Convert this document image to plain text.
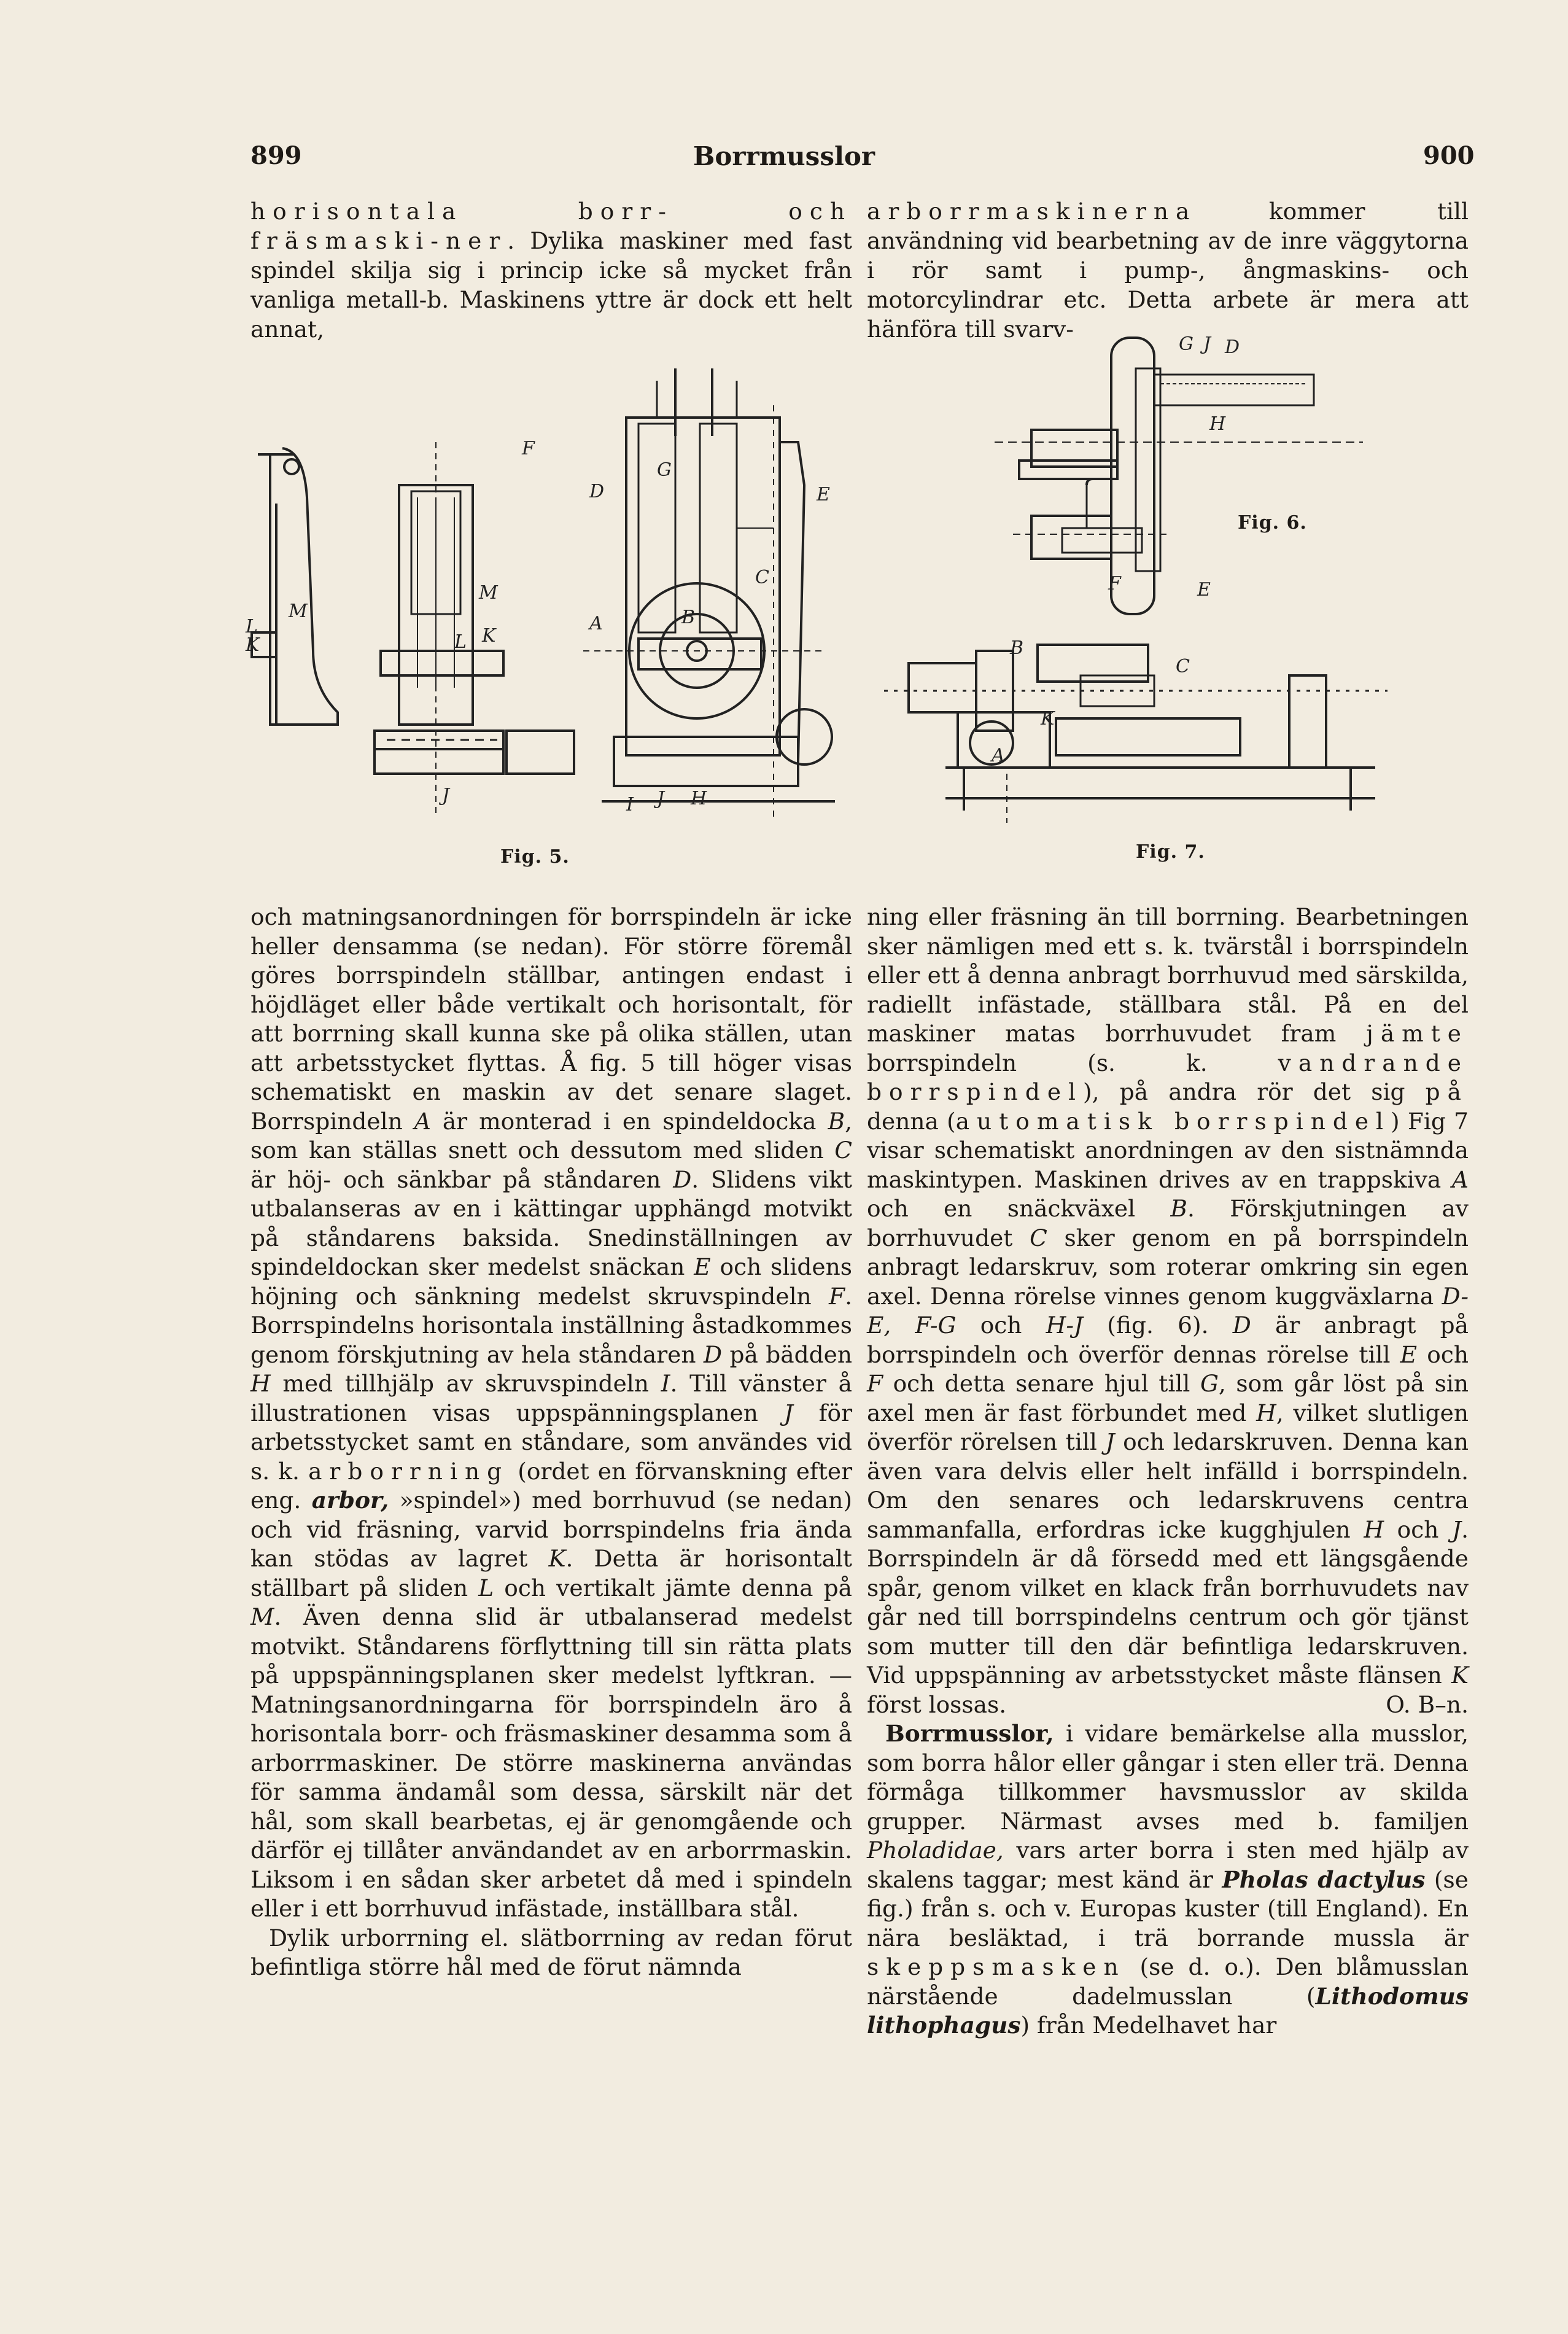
899	Borrmusslor	900

horisontala borr- och fräsmaski-ner. Dylika maskiner med fast spindel skilja sig i princip icke så mycket från vanliga metall-b. Maskinens yttre är dock ett helt annat,

arborrmaskinerna kommer till användning vid bearbetning av de inre väggytorna i rör samt i pump-, ångmaskins- och motorcylindrar etc. Detta arbete är mera att hänföra till svarv-

F
G
D	E
C
B
A
M
M
L
K	L K
J	J H
I
Fig. 5.
G J D
H
F	E
Fig. 6.
B
C
K
A
Fig. 7.

och matningsanordningen för borrspindeln är icke heller densamma (se nedan). För större föremål göres borrspindeln ställbar, antingen endast i höjdläget eller både vertikalt och horisontalt, för att borrning skall kunna ske på olika ställen, utan att arbetsstycket flyttas. Å fig. 5 till höger visas schematiskt en maskin av det senare slaget. Borrspindeln A är monterad i en spindeldocka B, som kan ställas snett och dessutom med sliden C är höj- och sänkbar på ståndaren D. Slidens vikt utbalanseras av en i kättingar upphängd motvikt på ståndarens baksida. Snedinställningen av spindeldockan sker medelst snäckan E och slidens höjning och sänkning medelst skruvspindeln F. Borrspindelns horisontala inställning åstadkommes genom förskjutning av hela ståndaren D på bädden H med tillhjälp av skruvspindeln I. Till vänster å illustrationen visas uppspänningsplanen J för arbetsstycket samt en ståndare, som användes vid s. k. arborrning (ordet en förvanskning efter eng. arbor, »spindel») med borrhuvud (se nedan) och vid fräsning, varvid borrspindelns fria ända kan stödas av lagret K. Detta är horisontalt ställbart på sliden L och vertikalt jämte denna på M. Även denna slid är utbalanserad medelst motvikt. Ståndarens förflyttning till sin rätta plats på uppspänningsplanen sker medelst lyftkran. — Matningsanordningarna för borrspindeln äro å horisontala borr- och fräsmaskiner desamma som å arborrmaskiner. De större maskinerna användas för samma ändamål som dessa, särskilt när det hål, som skall bearbetas, ej är genomgående och därför ej tillåter användandet av en arborrmaskin. Liksom i en sådan sker arbetet då med i spindeln eller i ett borrhuvud infästade, inställbara stål.

Dylik urborrning el. slätborrning av redan förut befintliga större hål med de förut nämnda

ning eller fräsning än till borrning. Bearbetningen sker nämligen med ett s. k. tvärstål i borrspindeln eller ett å denna anbragt borrhuvud med särskilda, radiellt infästade, ställbara stål. På en del maskiner matas borrhuvudet fram jämte borrspindeln (s. k. vandrande borrspindel), på andra rör det sig på denna (automatisk borrspindel) Fig 7 visar schematiskt anordningen av den sistnämnda maskintypen. Maskinen drives av en trappskiva A och en snäckväxel B. Förskjutningen av borrhuvudet C sker genom en på borrspindeln anbragt ledarskruv, som roterar omkring sin egen axel. Denna rörelse vinnes genom kuggväxlarna D-E, F-G och H-J (fig. 6). D är anbragt på borrspindeln och överför dennas rörelse till E och F och detta senare hjul till G, som går löst på sin axel men är fast förbundet med H, vilket slutligen överför rörelsen till J och ledarskruven. Denna kan även vara delvis eller helt infälld i borrspindeln. Om den senares och ledarskruvens centra sammanfalla, erfordras icke kugghjulen H och J. Borrspindeln är då försedd med ett längsgående spår, genom vilket en klack från borrhuvudets nav går ned till borrspindelns centrum och gör tjänst som mutter till den där befintliga ledarskruven. Vid uppspänning av arbetsstycket måste flänsen K först lossas.	O. B–n.

Borrmusslor, i vidare bemärkelse alla musslor, som borra hålor eller gångar i sten eller trä. Denna förmåga tillkommer havsmusslor av skilda grupper. Närmast avses med b. familjen Pholadidae, vars arter borra i sten med hjälp av skalens taggar; mest känd är Pholas dactylus (se fig.) från s. och v. Europas kuster (till England). En nära besläktad, i trä borrande mussla är skeppsmasken (se d. o.). Den blåmusslan närstående dadelmusslan (Lithodomus lithophagus) från Medelhavet har
